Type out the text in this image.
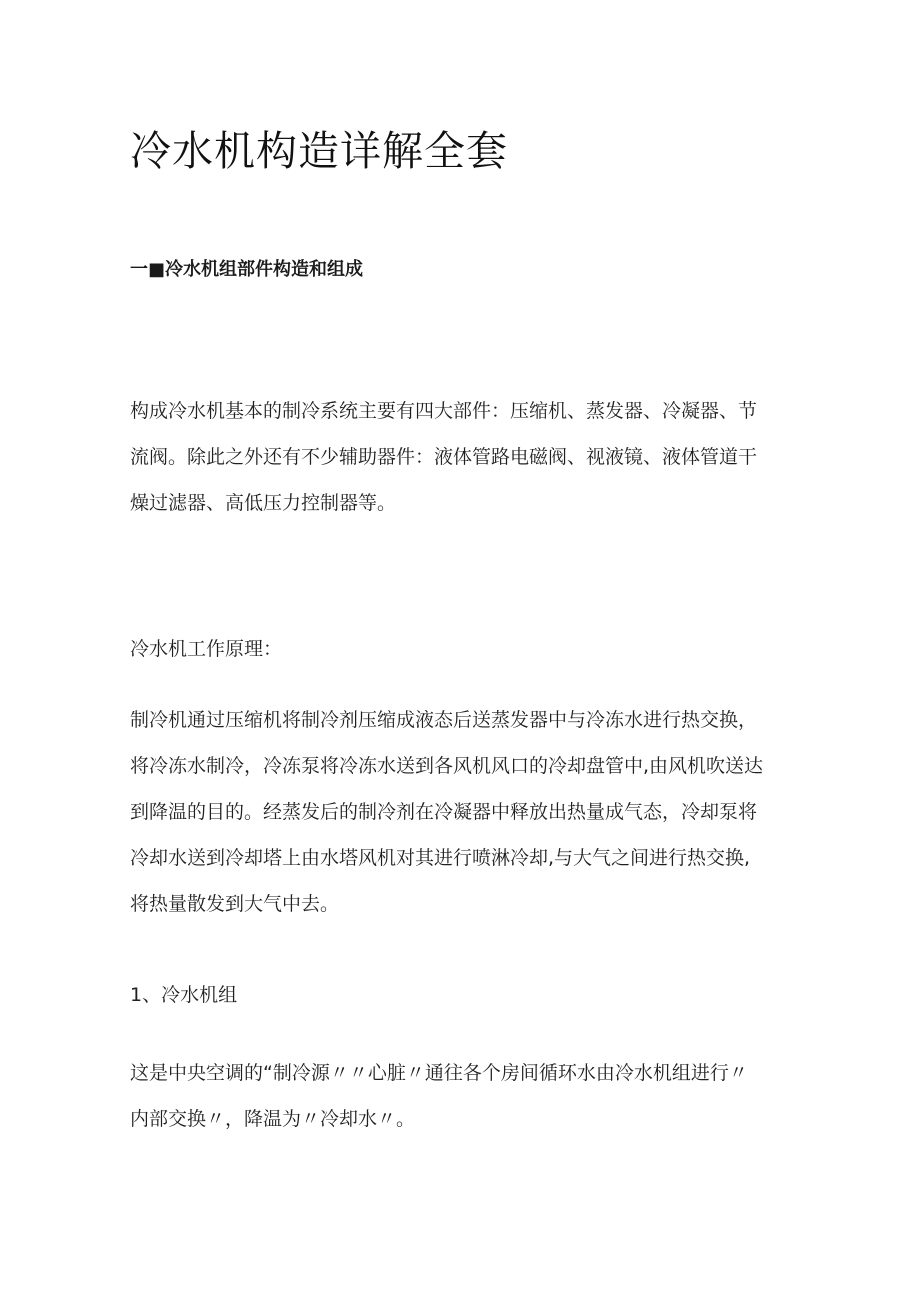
冷水机构造详解全套
一■冷水机组部件构造和组成

构成冷水机基本的制冷系统主要有四大部件：压缩机、蒸发器、冷凝器、节
流阀。除此之外还有不少辅助器件：液体管路电磁阀、视液镜、液体管道干
燥过滤器、高低压力控制器等。

冷水机工作原理：

制冷机通过压缩机将制冷剂压缩成液态后送蒸发器中与冷冻水进行热交换，
将冷冻水制冷，冷冻泵将冷冻水送到各风机风口的冷却盘管中,由风机吹送达
到降温的目的。经蒸发后的制冷剂在冷凝器中释放出热量成气态，冷却泵将
冷却水送到冷却塔上由水塔风机对其进行喷淋冷却,与大气之间进行热交换,
将热量散发到大气中去。

1、冷水机组

这是中央空调的“制冷源〃〃心脏〃通往各个房间循环水由冷水机组进行〃
内部交换〃，降温为〃冷却水〃。
